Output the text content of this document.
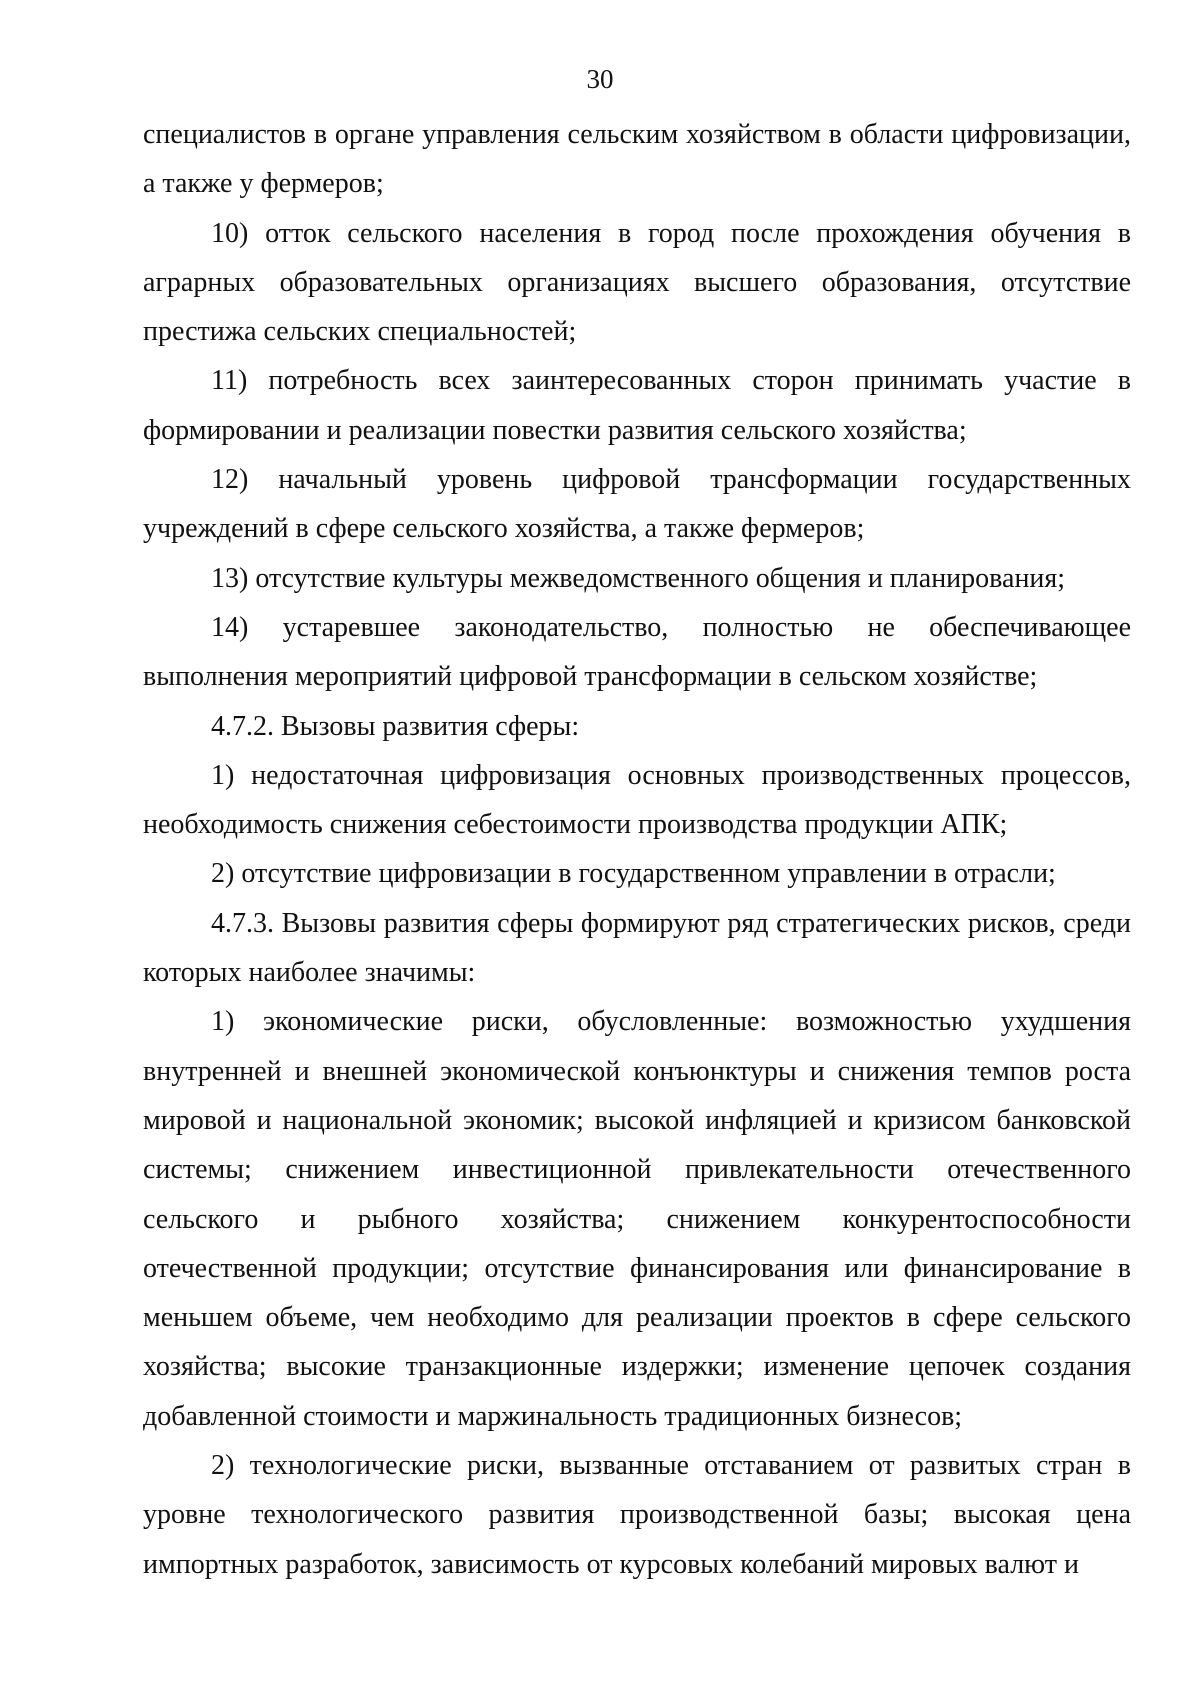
30

специалистов в органе управления сельским хозяйством в области цифровизации, а также у фермеров;

10) отток сельского населения в город после прохождения обучения в аграрных образовательных организациях высшего образования, отсутствие престижа сельских специальностей;

11) потребность всех заинтересованных сторон принимать участие в формировании и реализации повестки развития сельского хозяйства;

12) начальный уровень цифровой трансформации государственных учреждений в сфере сельского хозяйства, а также фермеров;

13) отсутствие культуры межведомственного общения и планирования;

14) устаревшее законодательство, полностью не обеспечивающее выполнения мероприятий цифровой трансформации в сельском хозяйстве;

4.7.2. Вызовы развития сферы:

1) недостаточная цифровизация основных производственных процессов, необходимость снижения себестоимости производства продукции АПК;

2) отсутствие цифровизации в государственном управлении в отрасли;

4.7.3. Вызовы развития сферы формируют ряд стратегических рисков, среди которых наиболее значимы:

1) экономические риски, обусловленные: возможностью ухудшения внутренней и внешней экономической конъюнктуры и снижения темпов роста мировой и национальной экономик; высокой инфляцией и кризисом банковской системы; снижением инвестиционной привлекательности отечественного сельского и рыбного хозяйства; снижением конкурентоспособности отечественной продукции; отсутствие финансирования или финансирование в меньшем объеме, чем необходимо для реализации проектов в сфере сельского хозяйства; высокие транзакционные издержки; изменение цепочек создания добавленной стоимости и маржинальность традиционных бизнесов;

2) технологические риски, вызванные отставанием от развитых стран в уровне технологического развития производственной базы; высокая цена импортных разработок, зависимость от курсовых колебаний мировых валют и
